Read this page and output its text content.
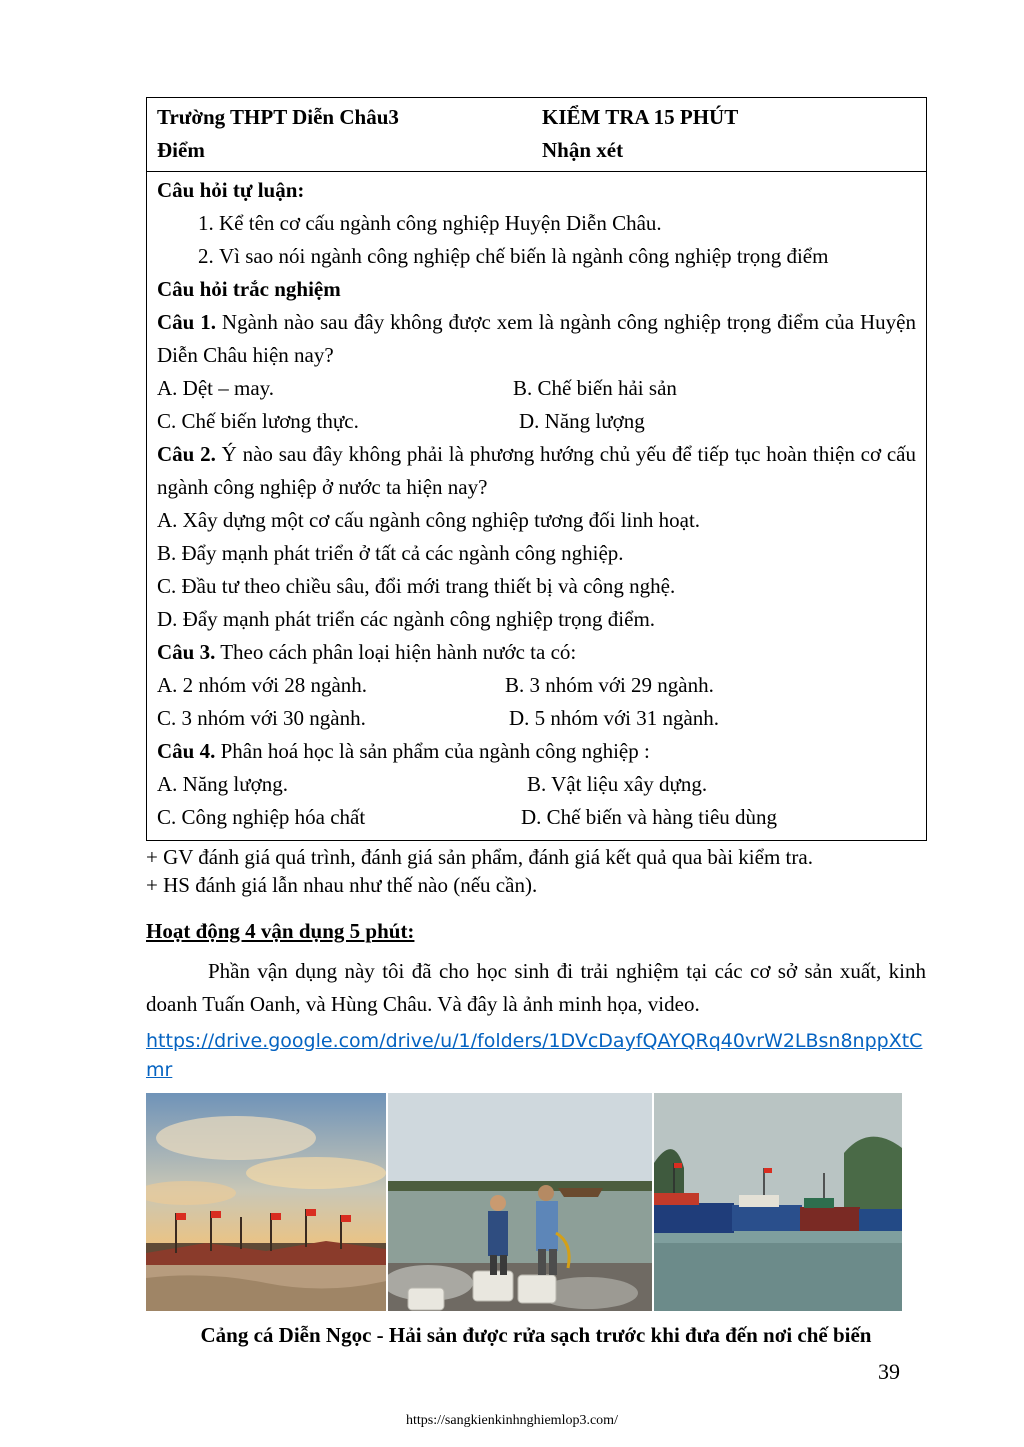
Trường THPT Diễn Châu3	KIỂM TRA 15 PHÚT
Điểm	Nhận xét
Câu hỏi tự luận:
1. Kể tên cơ cấu ngành công nghiệp Huyện Diễn Châu.
2. Vì sao nói ngành công nghiệp chế biến là ngành công nghiệp trọng điểm
Câu hỏi trắc nghiệm
Câu 1. Ngành nào sau đây không được xem là ngành công nghiệp trọng điểm của Huyện Diễn Châu hiện nay?
A. Dệt – may.	B. Chế biến hải sản
C. Chế biến lương thực.	D. Năng lượng
Câu 2. Ý nào sau đây không phải là phương hướng chủ yếu để tiếp tục hoàn thiện cơ cấu ngành công nghiệp ở nước ta hiện nay?
A. Xây dựng một cơ cấu ngành công nghiệp tương đối linh hoạt.
B. Đẩy mạnh phát triển ở tất cả các ngành công nghiệp.
C. Đầu tư theo chiều sâu, đổi mới trang thiết bị và công nghệ.
D. Đẩy mạnh phát triển các ngành công nghiệp trọng điểm.
Câu 3. Theo cách phân loại hiện hành nước ta có:
A. 2 nhóm với 28 ngành.	B. 3 nhóm với 29 ngành.
C. 3 nhóm với 30 ngành.	D. 5 nhóm với 31 ngành.
Câu 4. Phân hoá học là sản phẩm của ngành công nghiệp :
A. Năng lượng.	B. Vật liệu xây dựng.
C. Công nghiệp hóa chất	D. Chế biến và hàng tiêu dùng
+ GV đánh giá quá trình, đánh giá sản phẩm, đánh giá kết quả qua bài kiểm tra.
+ HS đánh giá lẫn nhau như thế nào (nếu cần).
Hoạt động 4 vận dụng 5 phút:
Phần vận dụng này tôi đã cho học sinh đi trải nghiệm tại các cơ sở sản xuất, kinh doanh Tuấn Oanh, và Hùng Châu. Và đây là ảnh minh họa, video.
https://drive.google.com/drive/u/1/folders/1DVcDayfQAYQRq40vrW2LBsn8nppXtCmr
Cảng cá Diễn Ngọc - Hải sản được rửa sạch trước khi đưa đến nơi chế biến
39
https://sangkienkinhnghiemlop3.com/
